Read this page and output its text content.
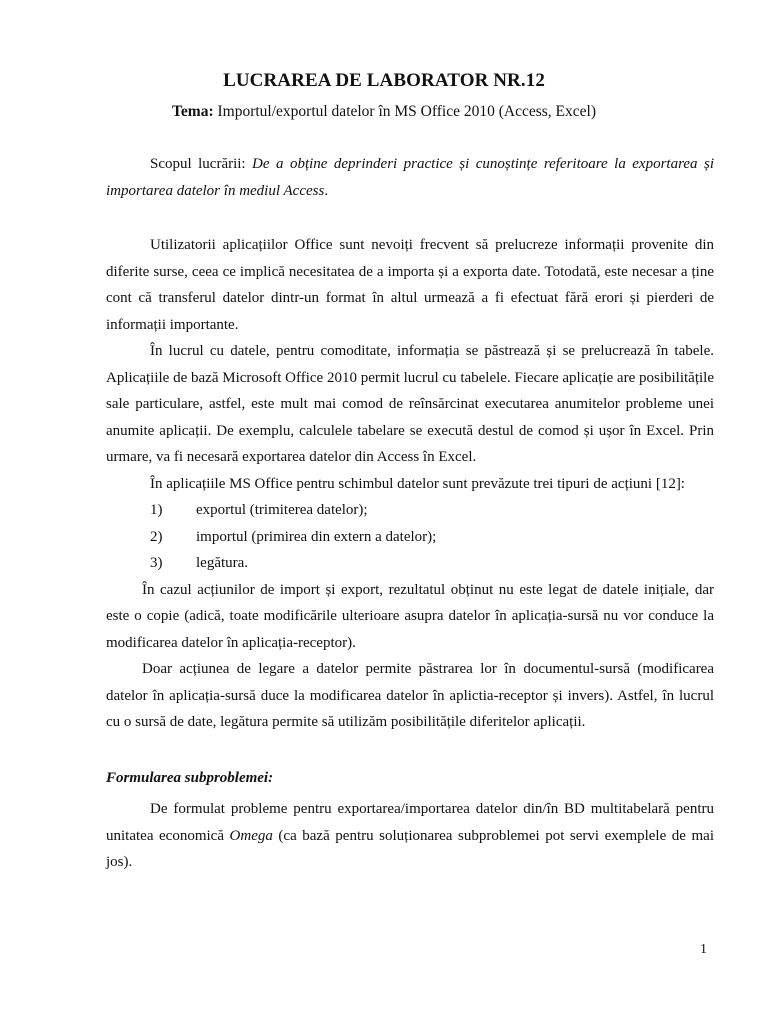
LUCRAREA DE LABORATOR NR.12
Tema: Importul/exportul datelor în MS Office 2010 (Access, Excel)

Scopul lucrării: De a obține deprinderi practice și cunoștințe referitoare la exportarea și importarea datelor în mediul Access.

Utilizatorii aplicațiilor Office sunt nevoiți frecvent să prelucreze informații provenite din diferite surse, ceea ce implică necesitatea de a importa și a exporta date. Totodată, este necesar a ține cont că transferul datelor dintr-un format în altul urmează a fi efectuat fără erori și pierderi de informații importante.

În lucrul cu datele, pentru comoditate, informația se păstrează și se prelucrează în tabele. Aplicațiile de bază Microsoft Office 2010 permit lucrul cu tabelele. Fiecare aplicație are posibilitățile sale particulare, astfel, este mult mai comod de reînsărcinat executarea anumitelor probleme unei anumite aplicații. De exemplu, calculele tabelare se execută destul de comod și ușor în Excel. Prin urmare, va fi necesară exportarea datelor din Access în Excel.

În aplicațiile MS Office pentru schimbul datelor sunt prevăzute trei tipuri de acțiuni [12]:

1) exportul (trimiterea datelor);
2) importul (primirea din extern a datelor);
3) legătura.

În cazul acțiunilor de import și export, rezultatul obținut nu este legat de datele inițiale, dar este o copie (adică, toate modificările ulterioare asupra datelor în aplicația-sursă nu vor conduce la modificarea datelor în aplicația-receptor).

Doar acțiunea de legare a datelor permite păstrarea lor în documentul-sursă (modificarea datelor în aplicația-sursă duce la modificarea datelor în aplictia-receptor și invers). Astfel, în lucrul cu o sursă de date, legătura permite să utilizăm posibilitățile diferitelor aplicații.

Formularea subproblemei:

De formulat probleme pentru exportarea/importarea datelor din/în BD multitabelară pentru unitatea economică Omega (ca bază pentru soluționarea subproblemei pot servi exemplele de mai jos).

1
